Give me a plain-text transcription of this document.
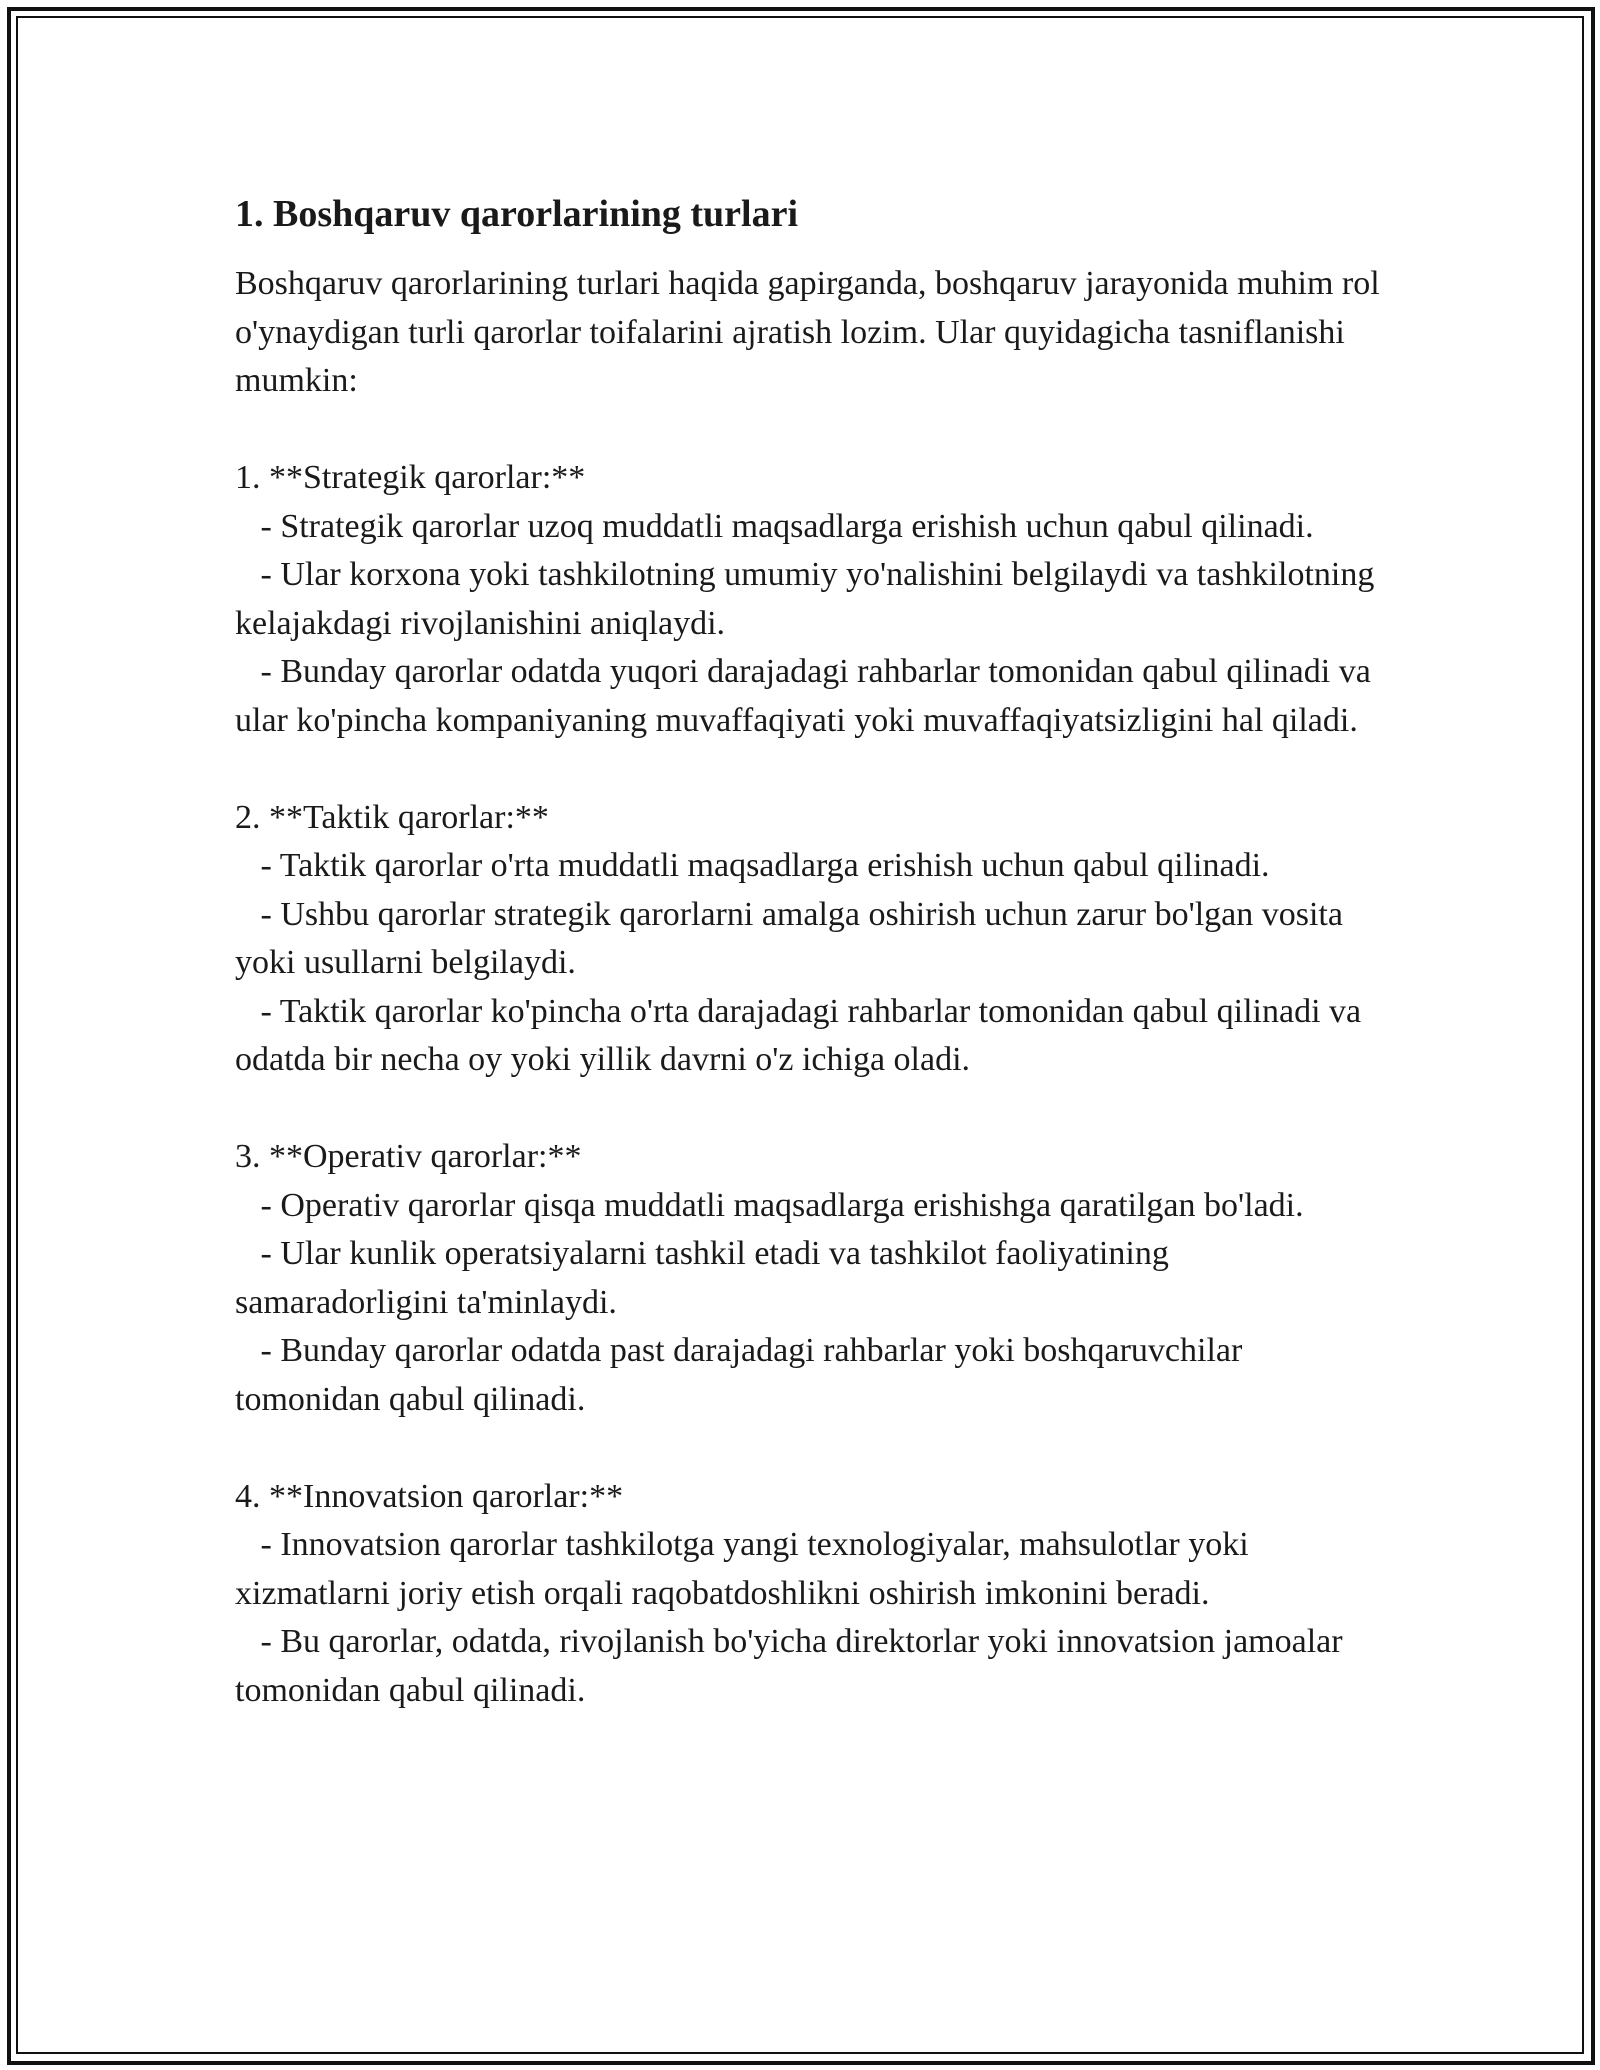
1. Boshqaruv qarorlarining turlari
Boshqaruv qarorlarining turlari haqida gapirganda, boshqaruv jarayonida muhim rol o'ynaydigan turli qarorlar toifalarini ajratish lozim. Ular quyidagicha tasniflanishi mumkin:
1. **Strategik qarorlar:**
- Strategik qarorlar uzoq muddatli maqsadlarga erishish uchun qabul qilinadi.
- Ular korxona yoki tashkilotning umumiy yo'nalishini belgilaydi va tashkilotning kelajakdagi rivojlanishini aniqlaydi.
- Bunday qarorlar odatda yuqori darajadagi rahbarlar tomonidan qabul qilinadi va ular ko'pincha kompaniyaning muvaffaqiyati yoki muvaffaqiyatsizligini hal qiladi.
2. **Taktik qarorlar:**
- Taktik qarorlar o'rta muddatli maqsadlarga erishish uchun qabul qilinadi.
- Ushbu qarorlar strategik qarorlarni amalga oshirish uchun zarur bo'lgan vosita yoki usullarni belgilaydi.
- Taktik qarorlar ko'pincha o'rta darajadagi rahbarlar tomonidan qabul qilinadi va odatda bir necha oy yoki yillik davrni o'z ichiga oladi.
3. **Operativ qarorlar:**
- Operativ qarorlar qisqa muddatli maqsadlarga erishishga qaratilgan bo'ladi.
- Ular kunlik operatsiyalarni tashkil etadi va tashkilot faoliyatining samaradorligini ta'minlaydi.
- Bunday qarorlar odatda past darajadagi rahbarlar yoki boshqaruvchilar tomonidan qabul qilinadi.
4. **Innovatsion qarorlar:**
- Innovatsion qarorlar tashkilotga yangi texnologiyalar, mahsulotlar yoki xizmatlarni joriy etish orqali raqobatdoshlikni oshirish imkonini beradi.
- Bu qarorlar, odatda, rivojlanish bo'yicha direktorlar yoki innovatsion jamoalar tomonidan qabul qilinadi.
